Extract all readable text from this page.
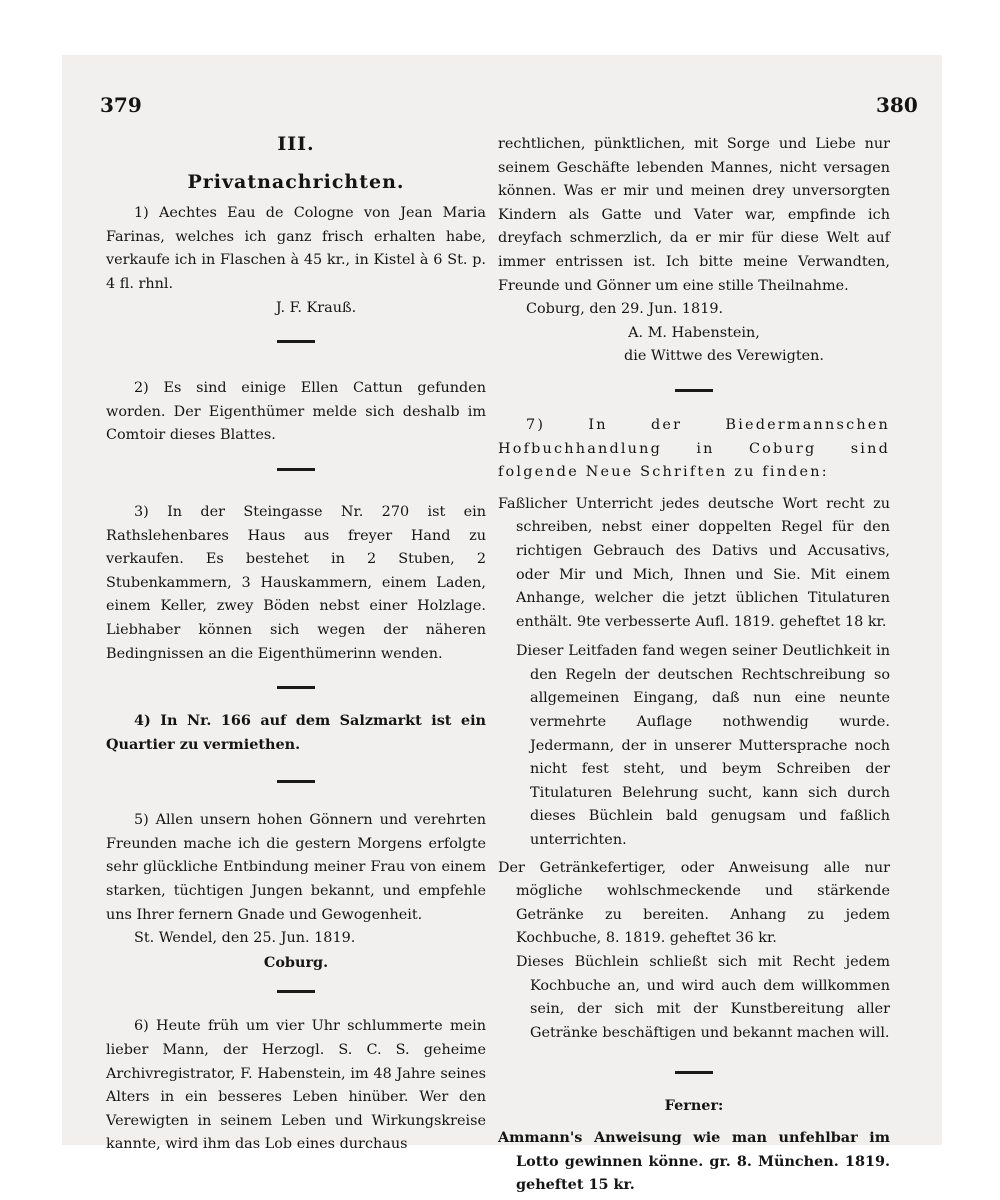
379	380

III.

Privatnachrichten.

1) Aechtes Eau de Cologne von Jean Maria Farinas, welches ich ganz frisch erhalten habe, verkaufe ich in Flaschen à 45 kr., in Kistel à 6 St. p. 4 fl. rhnl.

J. F. Krauß.

2) Es sind einige Ellen Cattun gefunden worden. Der Eigenthümer melde sich deshalb im Comtoir dieses Blattes.

3) In der Steingasse Nr. 270 ist ein Rathslehenbares Haus aus freyer Hand zu verkaufen. Es bestehet in 2 Stuben, 2 Stubenkammern, 3 Hauskammern, einem Laden, einem Keller, zwey Böden nebst einer Holzlage. Liebhaber können sich wegen der näheren Bedingnissen an die Eigenthümerinn wenden.

4) In Nr. 166 auf dem Salzmarkt ist ein Quartier zu vermiethen.

5) Allen unsern hohen Gönnern und verehrten Freunden mache ich die gestern Morgens erfolgte sehr glückliche Entbindung meiner Frau von einem starken, tüchtigen Jungen bekannt, und empfehle uns Ihrer fernern Gnade und Gewogenheit.

St. Wendel, den 25. Jun. 1819.

Coburg.

6) Heute früh um vier Uhr schlummerte mein lieber Mann, der Herzogl. S. C. S. geheime Archivregistrator, F. Habenstein, im 48 Jahre seines Alters in ein besseres Leben hinüber. Wer den Verewigten in seinem Leben und Wirkungskreise kannte, wird ihm das Lob eines durchaus

rechtlichen, pünktlichen, mit Sorge und Liebe nur seinem Geschäfte lebenden Mannes, nicht versagen können. Was er mir und meinen drey unversorgten Kindern als Gatte und Vater war, empfinde ich dreyfach schmerzlich, da er mir für diese Welt auf immer entrissen ist. Ich bitte meine Verwandten, Freunde und Gönner um eine stille Theilnahme.

Coburg, den 29. Jun. 1819.

A. M. Habenstein,

die Wittwe des Verewigten.

7) In der Biedermannschen Hofbuchhandlung in Coburg sind folgende Neue Schriften zu finden:

Faßlicher Unterricht jedes deutsche Wort recht zu schreiben, nebst einer doppelten Regel für den richtigen Gebrauch des Dativs und Accusativs, oder Mir und Mich, Ihnen und Sie. Mit einem Anhange, welcher die jetzt üblichen Titulaturen enthält. 9te verbesserte Aufl. 1819. geheftet 18 kr.

Dieser Leitfaden fand wegen seiner Deutlichkeit in den Regeln der deutschen Rechtschreibung so allgemeinen Eingang, daß nun eine neunte vermehrte Auflage nothwendig wurde. Jedermann, der in unserer Muttersprache noch nicht fest steht, und beym Schreiben der Titulaturen Belehrung sucht, kann sich durch dieses Büchlein bald genugsam und faßlich unterrichten.

Der Getränkefertiger, oder Anweisung alle nur mögliche wohlschmeckende und stärkende Getränke zu bereiten. Anhang zu jedem Kochbuche, 8. 1819. geheftet 36 kr.

Dieses Büchlein schließt sich mit Recht jedem Kochbuche an, und wird auch dem willkommen sein, der sich mit der Kunstbereitung aller Getränke beschäftigen und bekannt machen will.

Ferner:

Ammann's Anweisung wie man unfehlbar im Lotto gewinnen könne. gr. 8. München. 1819. geheftet 15 kr.
